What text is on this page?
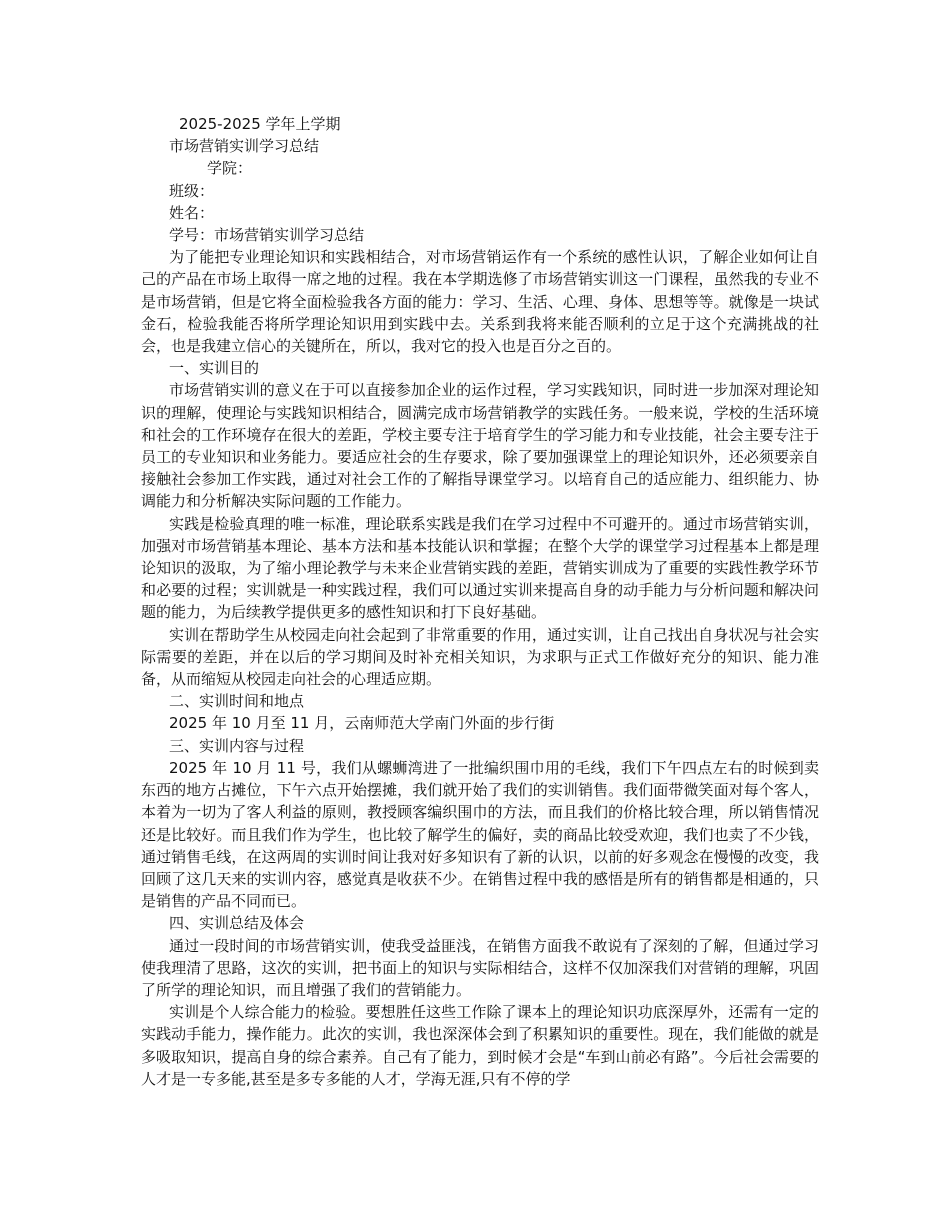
2025-2025 学年上学期
市场营销实训学习总结
学院：
班级：
姓名：
学号：市场营销实训学习总结

为了能把专业理论知识和实践相结合，对市场营销运作有一个系统的感性认识，了解企业如何让自己的产品在市场上取得一席之地的过程。我在本学期选修了市场营销实训这一门课程，虽然我的专业不是市场营销，但是它将全面检验我各方面的能力：学习、生活、心理、身体、思想等等。就像是一块试金石，检验我能否将所学理论知识用到实践中去。关系到我将来能否顺利的立足于这个充满挑战的社会，也是我建立信心的关键所在，所以，我对它的投入也是百分之百的。

一、实训目的

市场营销实训的意义在于可以直接参加企业的运作过程，学习实践知识，同时进一步加深对理论知识的理解，使理论与实践知识相结合，圆满完成市场营销教学的实践任务。一般来说，学校的生活环境和社会的工作环境存在很大的差距，学校主要专注于培育学生的学习能力和专业技能，社会主要专注于员工的专业知识和业务能力。要适应社会的生存要求，除了要加强课堂上的理论知识外，还必须要亲自接触社会参加工作实践，通过对社会工作的了解指导课堂学习。以培育自己的适应能力、组织能力、协调能力和分析解决实际问题的工作能力。

实践是检验真理的唯一标准，理论联系实践是我们在学习过程中不可避开的。通过市场营销实训，加强对市场营销基本理论、基本方法和基本技能认识和掌握；在整个大学的课堂学习过程基本上都是理论知识的汲取，为了缩小理论教学与未来企业营销实践的差距，营销实训成为了重要的实践性教学环节和必要的过程；实训就是一种实践过程，我们可以通过实训来提高自身的动手能力与分析问题和解决问题的能力，为后续教学提供更多的感性知识和打下良好基础。

实训在帮助学生从校园走向社会起到了非常重要的作用，通过实训，让自己找出自身状况与社会实际需要的差距，并在以后的学习期间及时补充相关知识，为求职与正式工作做好充分的知识、能力准备，从而缩短从校园走向社会的心理适应期。

二、实训时间和地点

2025 年 10 月至 11 月，云南师范大学南门外面的步行街

三、实训内容与过程

2025 年 10 月 11 号，我们从螺蛳湾进了一批编织围巾用的毛线，我们下午四点左右的时候到卖东西的地方占摊位，下午六点开始摆摊，我们就开始了我们的实训销售。我们面带微笑面对每个客人，本着为一切为了客人利益的原则，教授顾客编织围巾的方法，而且我们的价格比较合理，所以销售情况还是比较好。而且我们作为学生，也比较了解学生的偏好，卖的商品比较受欢迎，我们也卖了不少钱，通过销售毛线，在这两周的实训时间让我对好多知识有了新的认识，以前的好多观念在慢慢的改变，我回顾了这几天来的实训内容，感觉真是收获不少。在销售过程中我的感悟是所有的销售都是相通的，只是销售的产品不同而已。

四、实训总结及体会

通过一段时间的市场营销实训，使我受益匪浅，在销售方面我不敢说有了深刻的了解，但通过学习使我理清了思路，这次的实训，把书面上的知识与实际相结合，这样不仅加深我们对营销的理解，巩固了所学的理论知识，而且增强了我们的营销能力。

实训是个人综合能力的检验。要想胜任这些工作除了课本上的理论知识功底深厚外，还需有一定的实践动手能力，操作能力。此次的实训，我也深深体会到了积累知识的重要性。现在，我们能做的就是多吸取知识，提高自身的综合素养。自己有了能力，到时候才会是“车到山前必有路”。今后社会需要的人才是一专多能,甚至是多专多能的人才，学海无涯,只有不停的学
